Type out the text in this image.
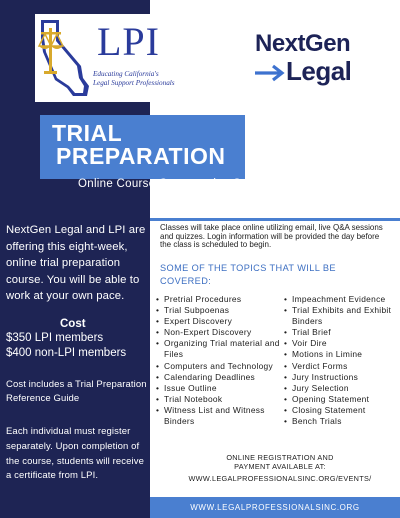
LPI
Educating California's
Legal Support Professionals
NextGen
Legal
TRIAL
PREPARATION
Online Course Commencing September 6
NextGen Legal and LPI are offering this eight-week, online trial preparation course. You will be able to work at your own pace.
Cost
$350 LPI members
$400 non-LPI members
Cost includes a Trial Preparation Reference Guide
Each individual must register separately. Upon completion of the course, students will receive a certificate from LPI.
Classes will take place online utilizing email, live Q&A sessions and quizzes. Login information will be provided the day before the class is scheduled to begin.
SOME OF THE TOPICS THAT WILL BE COVERED:
• Pretrial Procedures
• Trial Subpoenas
• Expert Discovery
• Non-Expert Discovery
• Organizing Trial material and Files
• Computers and Technology
• Calendaring Deadlines
• Issue Outline
• Trial Notebook
• Witness List and Witness Binders
• Impeachment Evidence
• Trial Exhibits and Exhibit Binders
• Trial Brief
• Voir Dire
• Motions in Limine
• Verdict Forms
• Jury Instructions
• Jury Selection
• Opening Statement
• Closing Statement
• Bench Trials
ONLINE REGISTRATION AND
PAYMENT AVAILABLE AT:
WWW.LEGALPROFESSIONALSINC.ORG/EVENTS/
WWW.LEGALPROFESSIONALSINC.ORG
